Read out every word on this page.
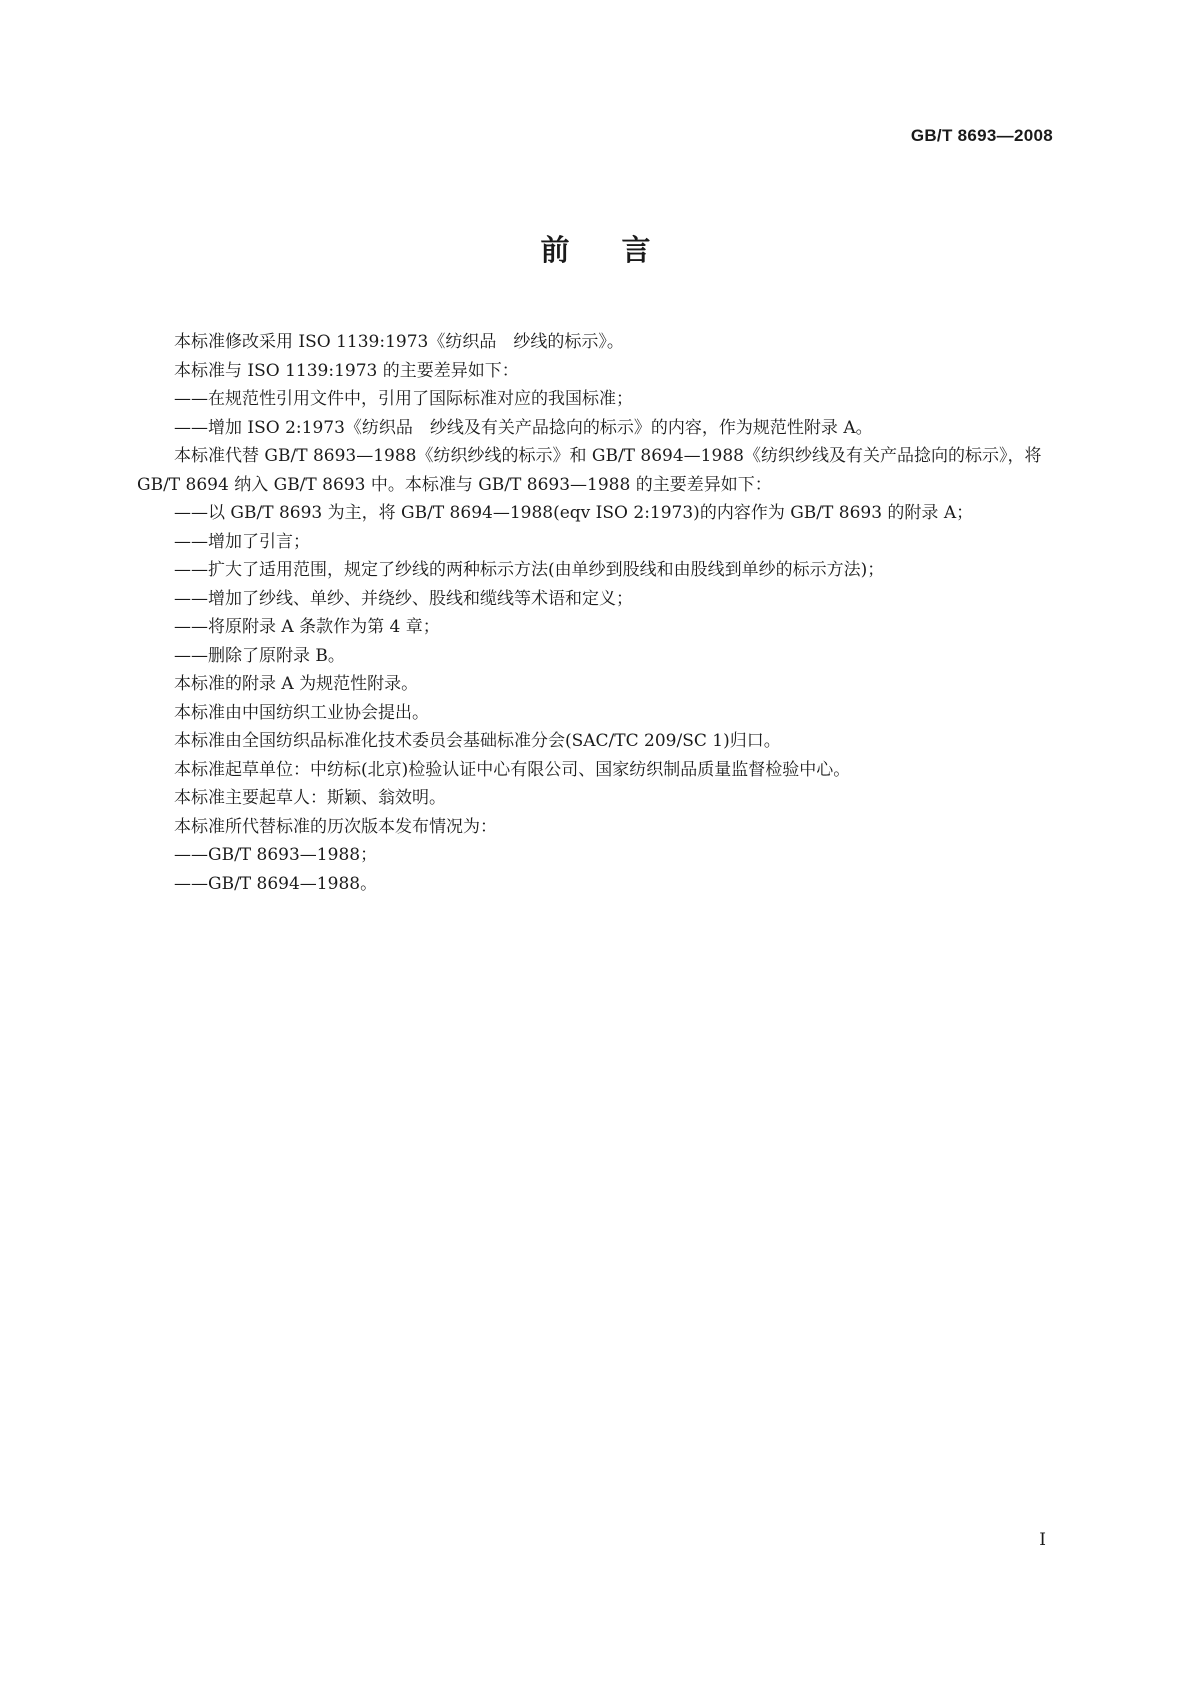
GB/T 8693—2008
前言

本标准修改采用 ISO 1139:1973《纺织品　纱线的标示》。

本标准与 ISO 1139:1973 的主要差异如下：

——在规范性引用文件中，引用了国际标准对应的我国标准；

——增加 ISO 2:1973《纺织品　纱线及有关产品捻向的标示》的内容，作为规范性附录 A。

本标准代替 GB/T 8693—1988《纺织纱线的标示》和 GB/T 8694—1988《纺织纱线及有关产品捻向的标示》，将 GB/T 8694 纳入 GB/T 8693 中。本标准与 GB/T 8693—1988 的主要差异如下：

——以 GB/T 8693 为主，将 GB/T 8694—1988(eqv ISO 2:1973)的内容作为 GB/T 8693 的附录 A；

——增加了引言；

——扩大了适用范围，规定了纱线的两种标示方法(由单纱到股线和由股线到单纱的标示方法)；

——增加了纱线、单纱、并绕纱、股线和缆线等术语和定义；

——将原附录 A 条款作为第 4 章；

——删除了原附录 B。

本标准的附录 A 为规范性附录。

本标准由中国纺织工业协会提出。

本标准由全国纺织品标准化技术委员会基础标准分会(SAC/TC 209/SC 1)归口。

本标准起草单位：中纺标(北京)检验认证中心有限公司、国家纺织制品质量监督检验中心。

本标准主要起草人：斯颖、翁效明。

本标准所代替标准的历次版本发布情况为：

——GB/T 8693—1988；

——GB/T 8694—1988。

I
